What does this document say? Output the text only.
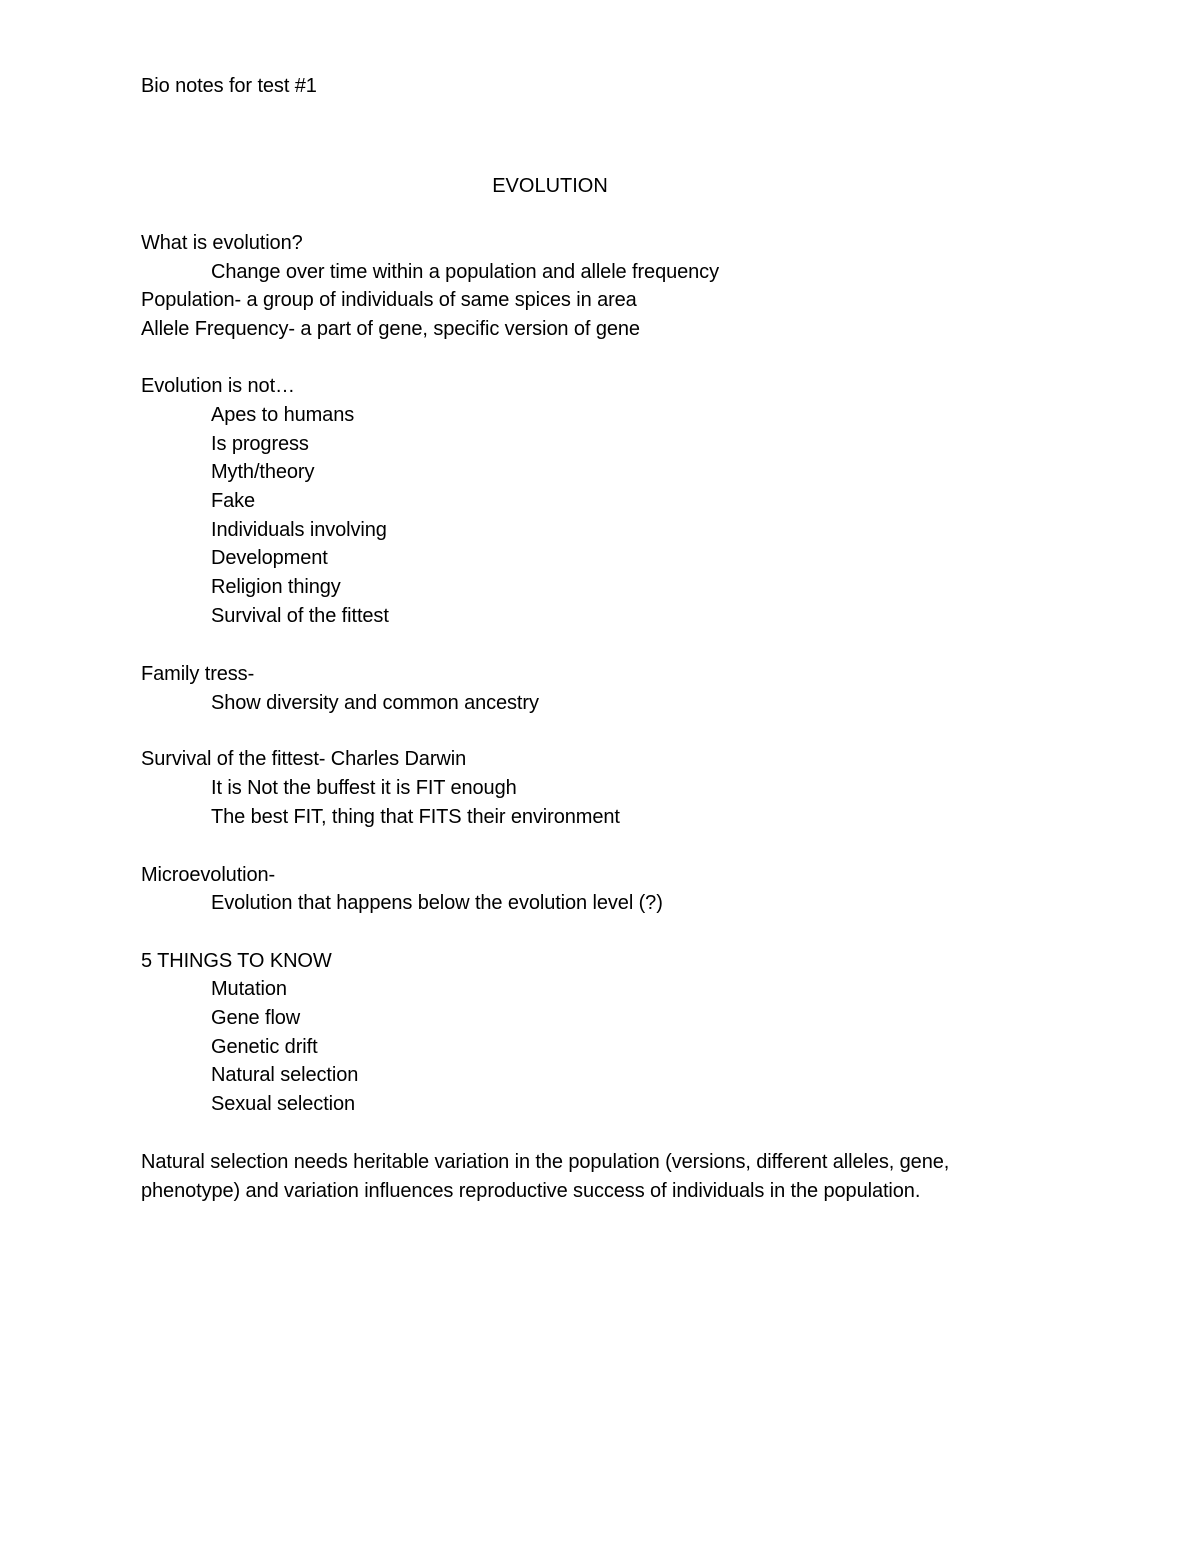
Bio notes for test #1
EVOLUTION
What is evolution?
Change over time within a population and allele frequency
Population- a group of individuals of same spices in area
Allele Frequency- a part of gene, specific version of gene
Evolution is not…
Apes to humans
Is progress
Myth/theory
Fake
Individuals involving
Development
Religion thingy
Survival of the fittest
Family tress-
Show diversity and common ancestry
Survival of the fittest- Charles Darwin
It is Not the buffest it is FIT enough
The best FIT, thing that FITS their environment
Microevolution-
Evolution that happens below the evolution level (?)
5 THINGS TO KNOW
Mutation
Gene flow
Genetic drift
Natural selection
Sexual selection
Natural selection needs heritable variation in the population (versions, different alleles, gene, phenotype) and variation influences reproductive success of individuals in the population.
